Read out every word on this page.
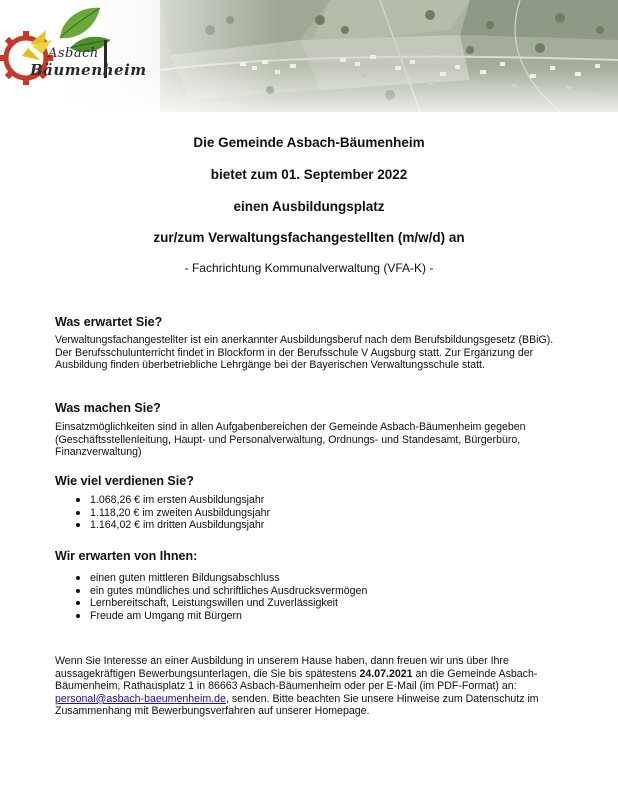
Asbach
Bäumenheim
Die Gemeinde Asbach-Bäumenheim
bietet zum 01. September 2022
einen Ausbildungsplatz
zur/zum Verwaltungsfachangestellten (m/w/d) an
- Fachrichtung Kommunalverwaltung (VFA-K) -
Was erwartet Sie?
Verwaltungsfachangestellter ist ein anerkannter Ausbildungsberuf nach dem Berufsbildungsgesetz (BBiG). Der Berufsschulunterricht findet in Blockform in der Berufsschule V Augsburg statt. Zur Ergänzung der Ausbildung finden überbetriebliche Lehrgänge bei der Bayerischen Verwaltungsschule statt.
Was machen Sie?
Einsatzmöglichkeiten sind in allen Aufgabenbereichen der Gemeinde Asbach-Bäumenheim gegeben (Geschäftsstellenleitung, Haupt- und Personalverwaltung, Ordnungs- und Standesamt, Bürgerbüro, Finanzverwaltung)
Wie viel verdienen Sie?
1.068,26 € im ersten Ausbildungsjahr
1.118,20 € im zweiten Ausbildungsjahr
1.164,02 € im dritten Ausbildungsjahr
Wir erwarten von Ihnen:
einen guten mittleren Bildungsabschluss
ein gutes mündliches und schriftliches Ausdrucksvermögen
Lernbereitschaft, Leistungswillen und Zuverlässigkeit
Freude am Umgang mit Bürgern
Wenn Sie Interesse an einer Ausbildung in unserem Hause haben, dann freuen wir uns über Ihre aussagekräftigen Bewerbungsunterlagen, die Sie bis spätestens 24.07.2021 an die Gemeinde Asbach-Bäumenheim, Rathausplatz 1 in 86663 Asbach-Bäumenheim oder per E-Mail (im PDF-Format) an: personal@asbach-baeumenheim.de, senden. Bitte beachten Sie unsere Hinweise zum Datenschutz im Zusammenhang mit Bewerbungsverfahren auf unserer Homepage.
